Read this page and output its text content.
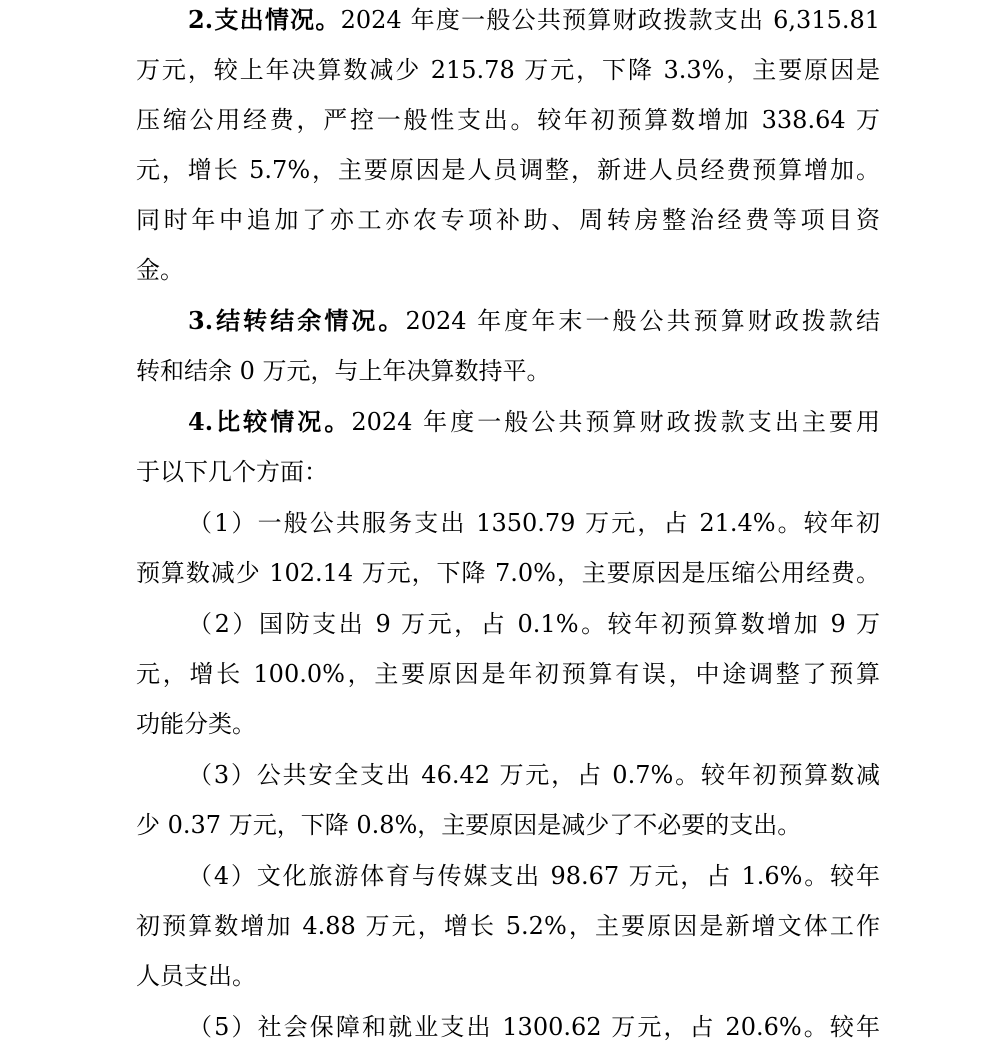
2.支出情况。2024 年度一般公共预算财政拨款支出 6,315.81
万元，较上年决算数减少 215.78 万元，下降 3.3%，主要原因是
压缩公用经费，严控一般性支出。较年初预算数增加 338.64 万
元，增长 5.7%，主要原因是人员调整，新进人员经费预算增加。
同时年中追加了亦工亦农专项补助、周转房整治经费等项目资
金。
3.结转结余情况。2024 年度年末一般公共预算财政拨款结
转和结余 0 万元，与上年决算数持平。
4.比较情况。2024 年度一般公共预算财政拨款支出主要用
于以下几个方面：
（1）一般公共服务支出 1350.79 万元，占 21.4%。较年初
预算数减少 102.14 万元，下降 7.0%，主要原因是压缩公用经费。
（2）国防支出 9 万元，占 0.1%。较年初预算数增加 9 万
元，增长 100.0%，主要原因是年初预算有误，中途调整了预算
功能分类。
（3）公共安全支出 46.42 万元，占 0.7%。较年初预算数减
少 0.37 万元，下降 0.8%，主要原因是减少了不必要的支出。
（4）文化旅游体育与传媒支出 98.67 万元，占 1.6%。较年
初预算数增加 4.88 万元，增长 5.2%，主要原因是新增文体工作
人员支出。
（5）社会保障和就业支出 1300.62 万元，占 20.6%。较年
